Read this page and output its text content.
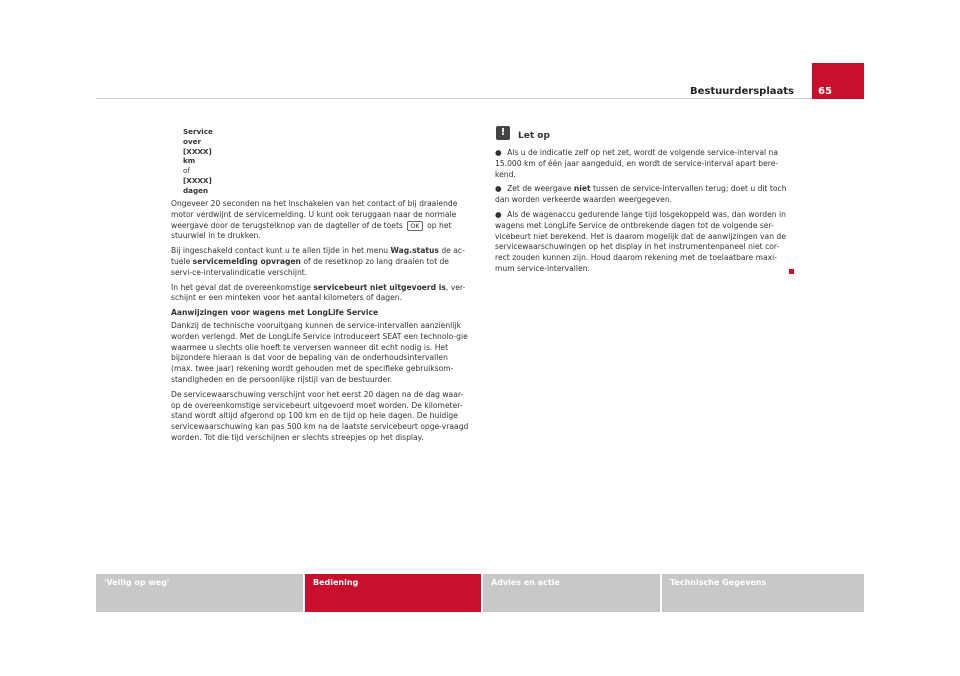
Bestuurdersplaats 65
Service over
[XXXX]
km
of
[XXXX]
dagen

Ongeveer 20 seconden na het inschakelen van het contact of bij draaiende motor verdwijnt de servicemelding. U kunt ook teruggaan naar de normale weergave door de terugstelknop van de dagteller of de toets OK op het stuurwiel in te drukken.

Bij ingeschakeld contact kunt u te allen tijde in het menu Wag.status de ac-tuele servicemelding opvragen of de resetknop zo lang draaien tot de servi-ce-intervalindicatie verschijnt.

In het geval dat de overeenkomstige servicebeurt niet uitgevoerd is, ver-schijnt er een minteken voor het aantal kilometers of dagen.

Aanwijzingen voor wagens met LongLife Service

Dankzij de technische vooruitgang kunnen de service-intervallen aanzienlijk worden verlengd. Met de LongLife Service introduceert SEAT een technolo-gie waarmee u slechts olie hoeft te verversen wanneer dit echt nodig is. Het bijzondere hieraan is dat voor de bepaling van de onderhoudsintervallen (max. twee jaar) rekening wordt gehouden met de specifieke gebruiksom-standigheden en de persoonlijke rijstijl van de bestuurder.

De servicewaarschuwing verschijnt voor het eerst 20 dagen na de dag waar-op de overeenkomstige servicebeurt uitgevoerd moet worden. De kilometer-stand wordt altijd afgerond op 100 km en de tijd op hele dagen. De huidige servicewaarschuwing kan pas 500 km na de laatste servicebeurt opge-vraagd worden. Tot die tijd verschijnen er slechts streepjes op het display.

!	Let op

● Als u de indicatie zelf op net zet, wordt de volgende service-interval na 15.000 km of één jaar aangeduid, en wordt de service-interval apart bere-kend.

● Zet de weergave niet tussen de service-intervallen terug; doet u dit toch dan worden verkeerde waarden weergegeven.

● Als de wagenaccu gedurende lange tijd losgekoppeld was, dan worden in wagens met LongLife Service de ontbrekende dagen tot de volgende ser-vicebeurt niet berekend. Het is daarom mogelijk dat de aanwijzingen van de servicewaarschuwingen op het display in het instrumentenpaneel niet cor-rect zouden kunnen zijn. Houd daarom rekening met de toelaatbare maxi-mum service-intervallen.

'Veilig op weg'	Bediening	Advies en actie	Technische Gegevens
